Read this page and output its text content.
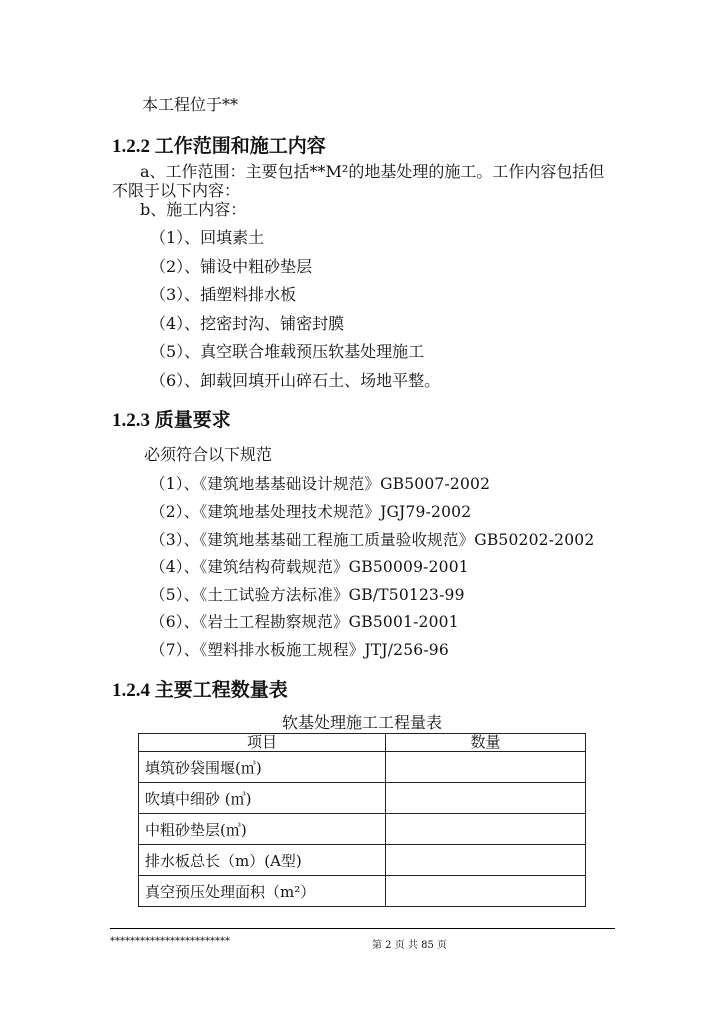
本工程位于**
1.2.2 工作范围和施工内容
a、工作范围：主要包括**M²的地基处理的施工。工作内容包括但
不限于以下内容：
b、施工内容：
（1）、回填素土
（2）、铺设中粗砂垫层
（3）、插塑料排水板
（4）、挖密封沟、铺密封膜
（5）、真空联合堆载预压软基处理施工
（6）、卸载回填开山碎石土、场地平整。
1.2.3 质量要求
必须符合以下规范
（1）、《建筑地基基础设计规范》GB5007-2002
（2）、《建筑地基处理技术规范》JGJ79-2002
（3）、《建筑地基基础工程施工质量验收规范》GB50202-2002
（4）、《建筑结构荷载规范》GB50009-2001
（5）、《土工试验方法标准》GB/T50123-99
（6）、《岩土工程勘察规范》GB5001-2001
（7）、《塑料排水板施工规程》JTJ/256-96
1.2.4 主要工程数量表
软基处理施工工程量表
项目	数量
填筑砂袋围堰(㎥)	
吹填中细砂 (㎥)	
中粗砂垫层(㎥)	
排水板总长（m）(A型)	
真空预压处理面积（m²）	
************************	第 2 页 共 85 页
